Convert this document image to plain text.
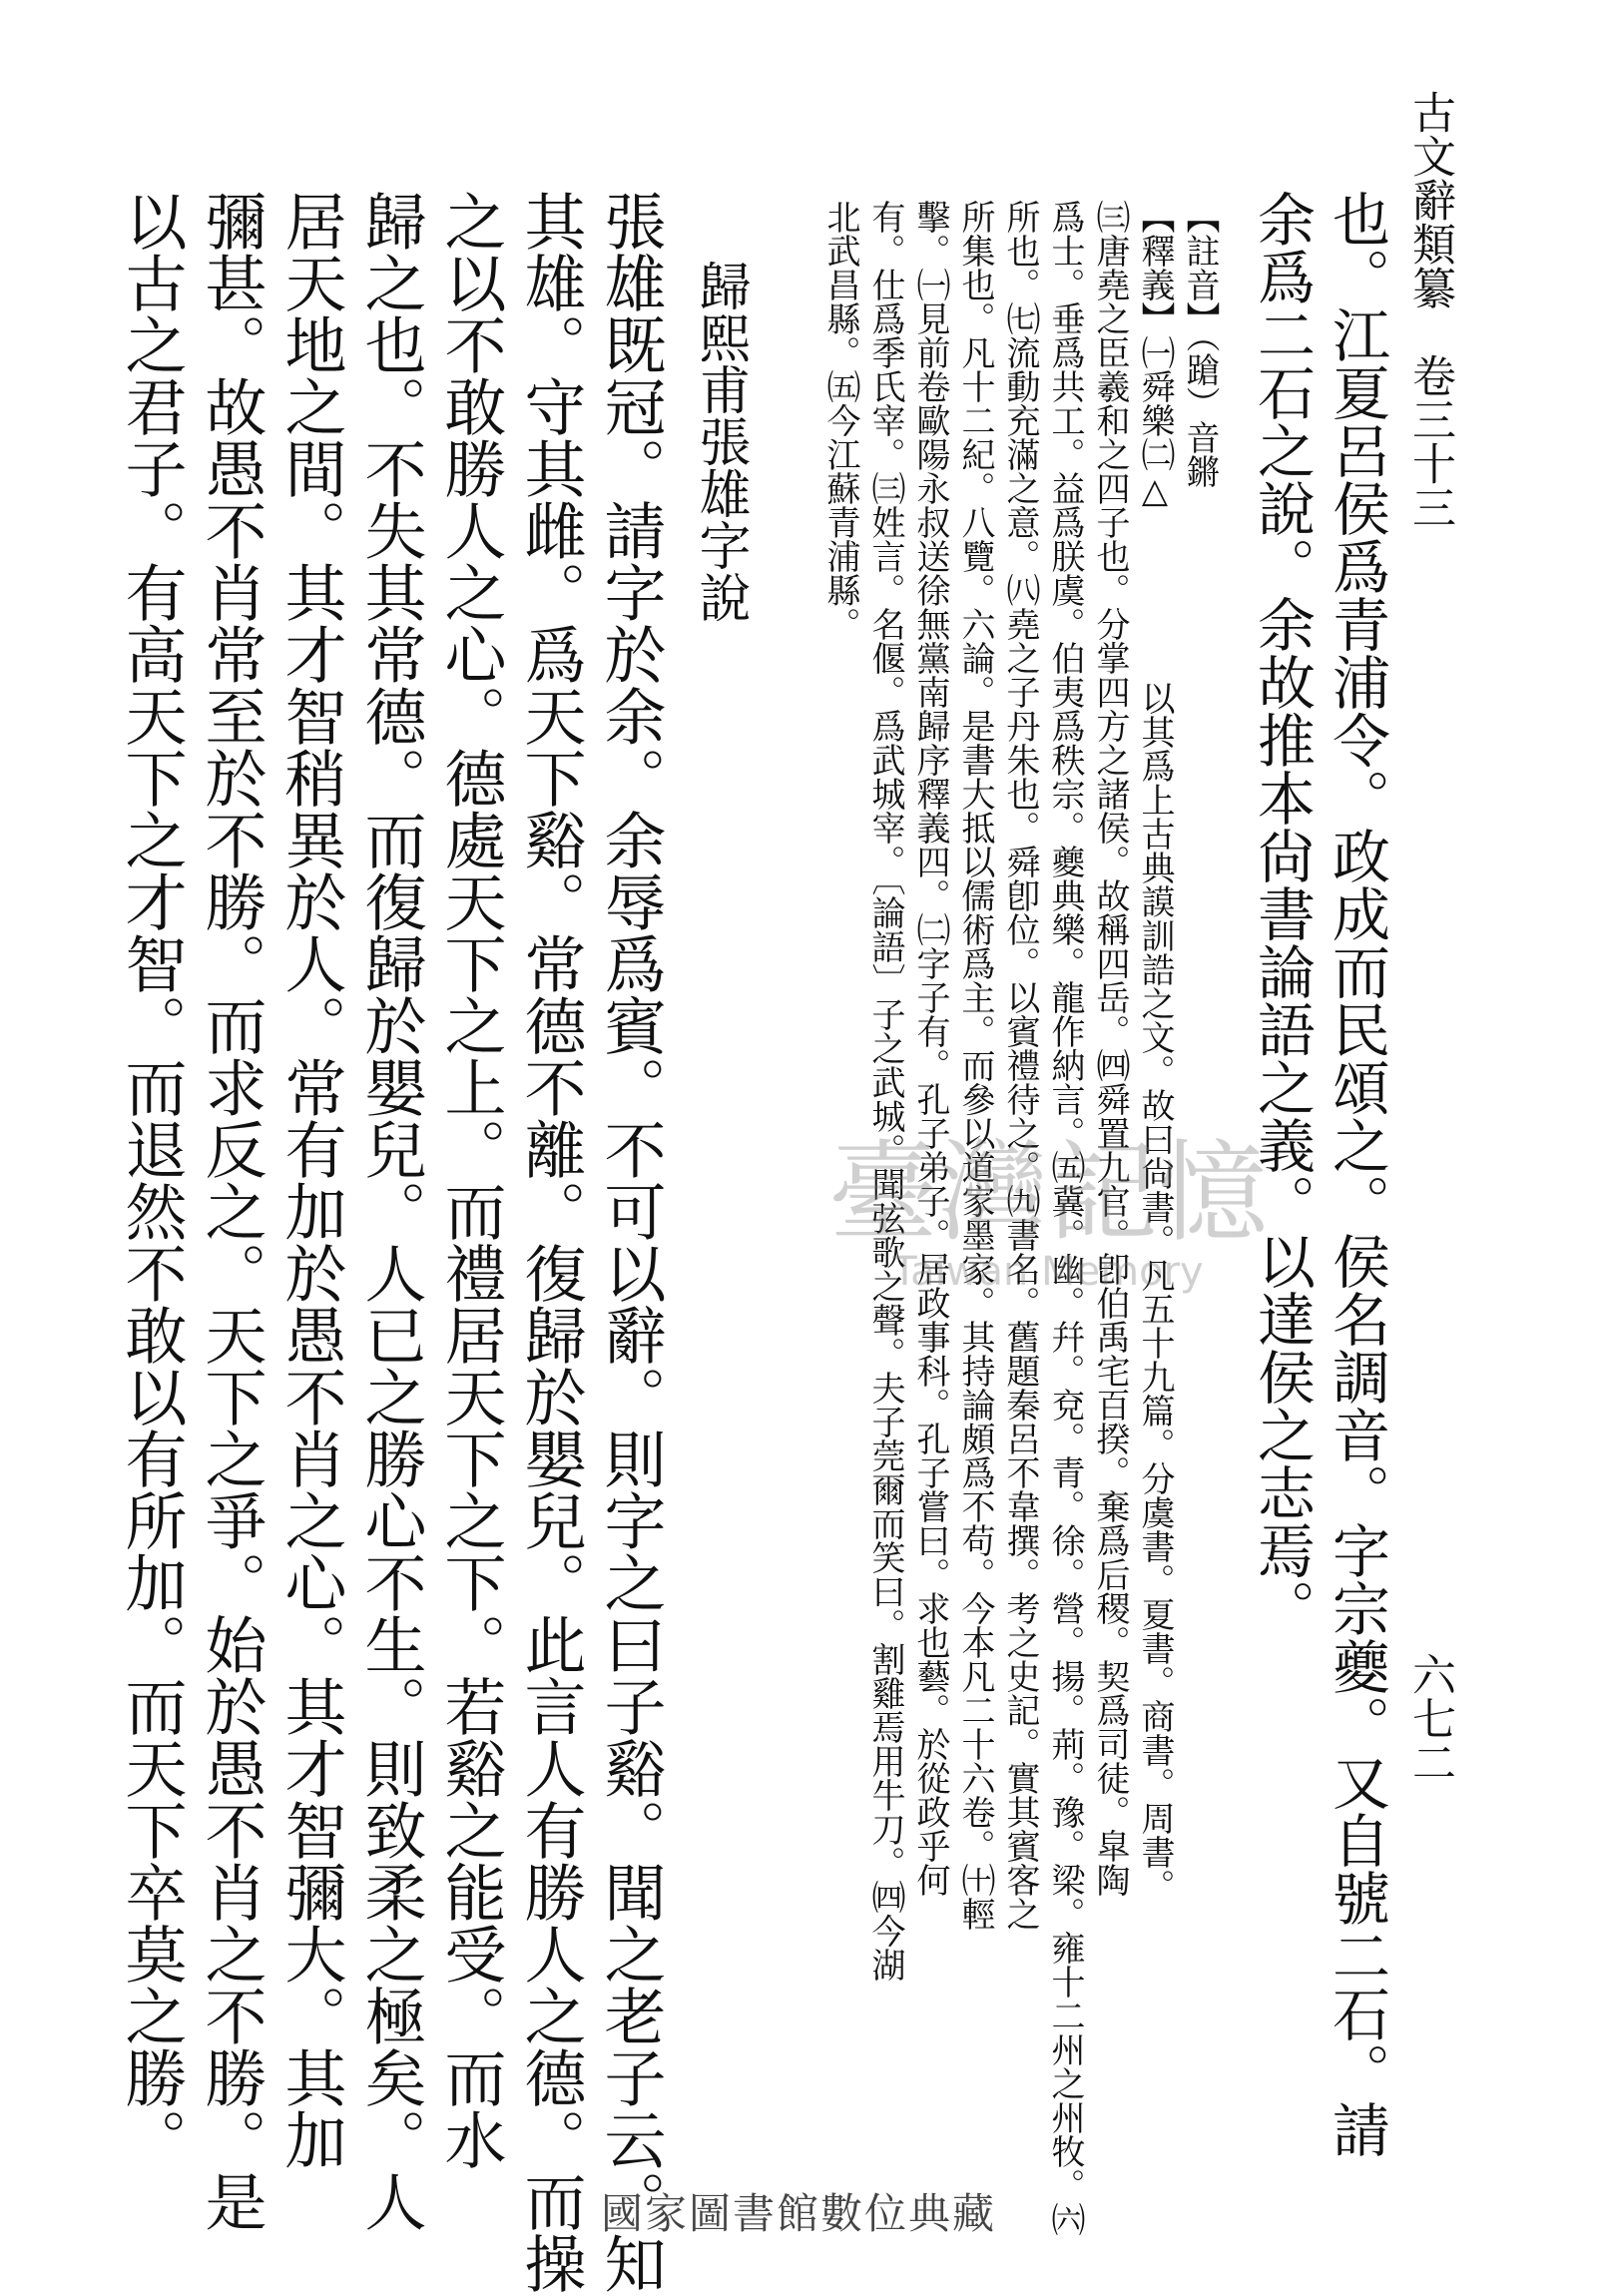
古文辭類纂　卷三十三
六七二
也。江夏呂侯爲青浦令。政成而民頌之。侯名調音。字宗夔。又自號二石。請
余爲二石之說。余故推本尙書論語之義。以達侯之志焉。
【註音】（蹌）音鏘
【釋義】㈠舜樂㈡△　　　　　以其爲上古典謨訓誥之文。故曰尙書。凡五十九篇。分虞書。夏書。商書。周書。
㈢唐堯之臣羲和之四子也。分掌四方之諸侯。故稱四岳。㈣舜置九官。卽伯禹宅百揆。棄爲后稷。契爲司徒。皐陶
爲士。垂爲共工。益爲朕虞。伯夷爲秩宗。夔典樂。龍作納言。㈤冀。幽。幷。兗。青。徐。營。揚。荊。豫。梁。雍十二州之州牧。㈥
所也。㈦流動充滿之意。㈧堯之子丹朱也。舜卽位。以賓禮待之。㈨書名。舊題秦呂不韋撰。考之史記。實其賓客之
所集也。凡十二紀。八覽。六論。是書大抵以儒術爲主。而參以道家墨家。其持論頗爲不苟。今本凡二十六卷。㈩輕
擊。㈠見前卷歐陽永叔送徐無黨南歸序釋義四。㈡字子有。孔子弟子。居政事科。孔子嘗曰。求也藝。於從政乎何
有。仕爲季氏宰。㈢姓言。名偃。爲武城宰。〔論語〕子之武城。聞弦歌之聲。夫子莞爾而笑曰。割雞焉用牛刀。㈣今湖
北武昌縣。㈤今江蘇青浦縣。
歸熙甫張雄字說
張雄既冠。請字於余。余辱爲賓。不可以辭。則字之曰子谿。聞之老子云。知
其雄。守其雌。爲天下谿。常德不離。復歸於嬰兒。此言人有勝人之德。而操
之以不敢勝人之心。德處天下之上。而禮居天下之下。若谿之能受。而水
歸之也。不失其常德。而復歸於嬰兒。人已之勝心不生。則致柔之極矣。人
居天地之間。其才智稍異於人。常有加於愚不肖之心。其才智彌大。其加
彌甚。故愚不肖常至於不勝。而求反之。天下之爭。始於愚不肖之不勝。是
以古之君子。有高天下之才智。而退然不敢以有所加。而天下卒莫之勝。	臺灣記憶
Taiwan Memory
國家圖書館數位典藏
